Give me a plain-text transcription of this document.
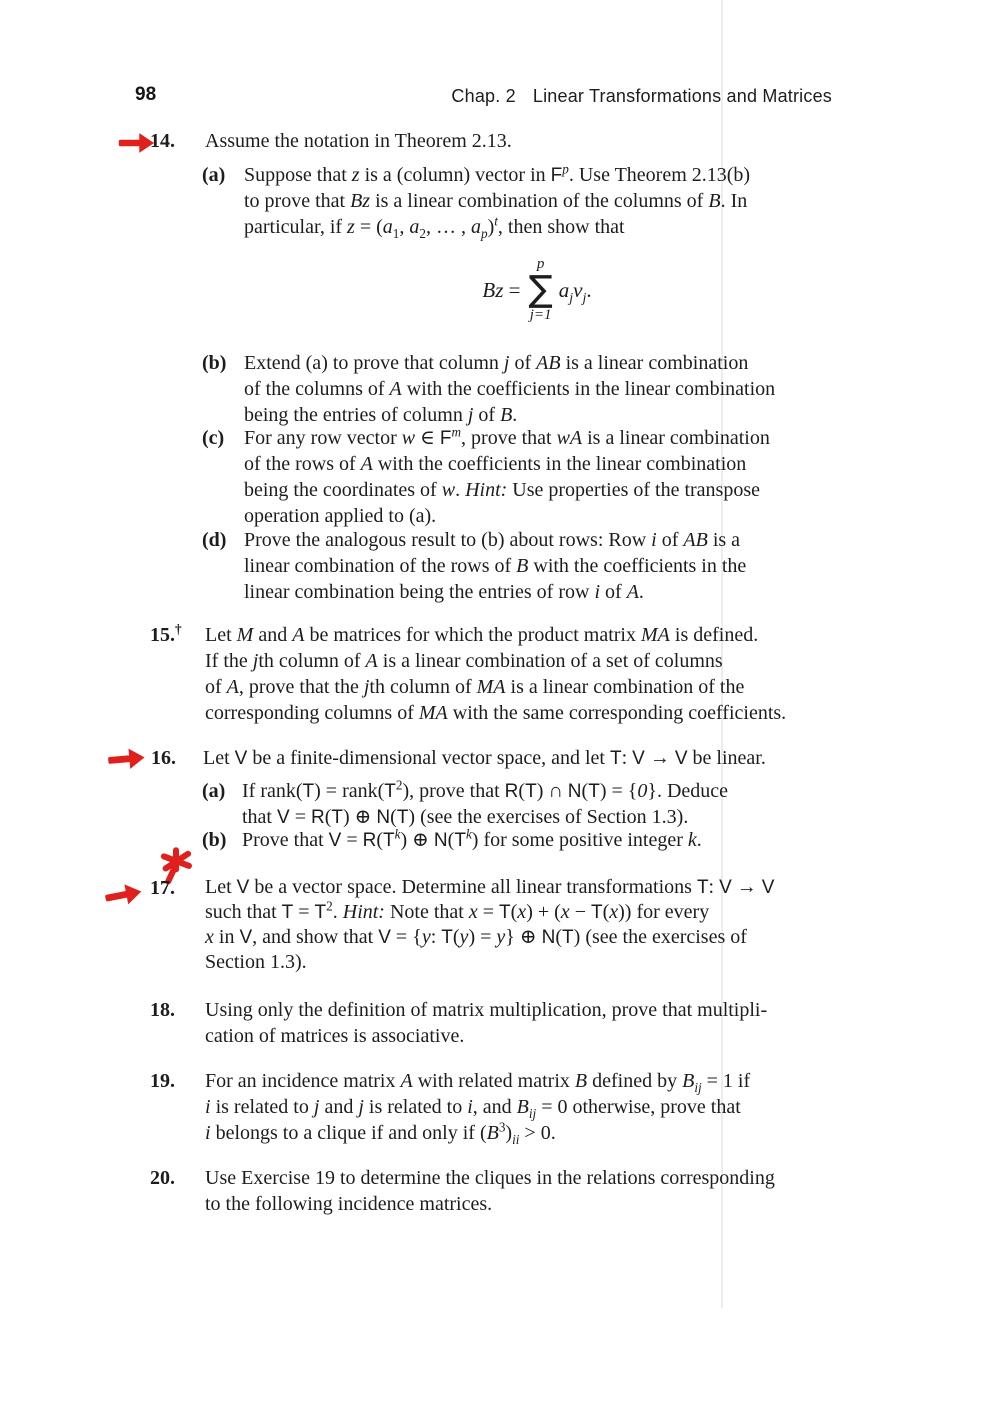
98	Chap. 2 Linear Transformations and Matrices
14. Assume the notation in Theorem 2.13.
(a) Suppose that z is a (column) vector in $F^p$. Use Theorem 2.13(b)
to prove that Bz is a linear combination of the columns of B. In
particular, if $z = (a_1$, $a_2$, … , $a_p)^t$, then show that
Bz =
p
∑
j=1
$a_jv_j$.
(b) Extend (a) to prove that column j of AB is a linear combination
of the columns of A with the coefficients in the linear combination
being the entries of column j of B.
(c) For any row vector w ∈ $F^m$, prove that wA is a linear combination
of the rows of A with the coefficients in the linear combination
being the coordinates of w. Hint: Use properties of the transpose
operation applied to (a).
(d) Prove the analogous result to (b) about rows: Row i of AB is a
linear combination of the rows of B with the coefficients in the
linear combination being the entries of row i of A.
15.† Let M and A be matrices for which the product matrix MA is defined.
If the jth column of A is a linear combination of a set of columns
of A, prove that the jth column of MA is a linear combination of the
corresponding columns of MA with the same corresponding coefficients.
16. Let V be a finite-dimensional vector space, and let T: V → V be linear.
(a) If rank(T) = $rank(T^2)$, prove that R(T) ∩ N(T) = {0}. Deduce
that V = R(T) ⊕ N(T) (see the exercises of Section 1.3).
(b) Prove that $V = R(T^k)$ ⊕ $N(T^k)$ for some positive integer k.
17. Let V be a vector space. Determine all linear transformations T: V → V
such that $T = T^2$. Hint: Note that x = T(x) + (x − T(x)) for every
x in V, and show that V = {y: T(y) = y} ⊕ N(T) (see the exercises of
Section 1.3).
18. Using only the definition of matrix multiplication, prove that multipli-
cation of matrices is associative.
19. For an incidence matrix A with related matrix B defined by $B_{ij} = 1$ if
i is related to j and j is related to i, and $B_{ij} = 0$ otherwise, prove that
i belongs to a clique if and only if $(B^3)_{ii} > 0$.
20. Use Exercise 19 to determine the cliques in the relations corresponding
to the following incidence matrices.
